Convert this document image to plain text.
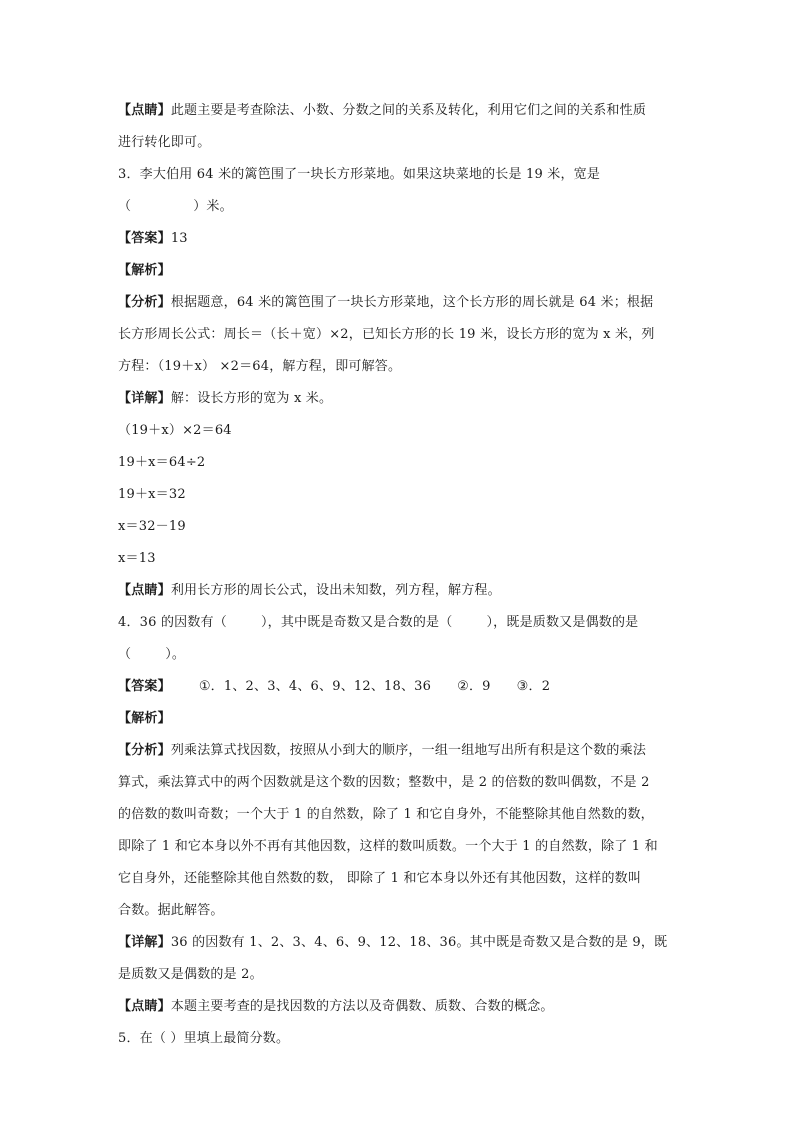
【点睛】此题主要是考查除法、小数、分数之间的关系及转化，利用它们之间的关系和性质
进行转化即可。
3．李大伯用 64 米的篱笆围了一块长方形菜地。如果这块菜地的长是 19 米，宽是
（	）米。
【答案】13
【解析】
【分析】根据题意，64 米的篱笆围了一块长方形菜地，这个长方形的周长就是 64 米；根据
长方形周长公式：周长＝（长＋宽）×2，已知长方形的长 19 米，设长方形的宽为 x 米，列
方程：（19＋x） ×2＝64，解方程，即可解答。
【详解】解：设长方形的宽为 x 米。
（19＋x）×2＝64
19＋x＝64÷2
19＋x＝32
x＝32－19
x＝13
【点睛】利用长方形的周长公式，设出未知数，列方程，解方程。
4．36 的因数有（	），其中既是奇数又是合数的是（	），既是质数又是偶数的是
（	）。
【答案】 ①．1、2、3、4、6、9、12、18、36 ②．9 ③．2
【解析】
【分析】列乘法算式找因数，按照从小到大的顺序，一组一组地写出所有积是这个数的乘法
算式，乘法算式中的两个因数就是这个数的因数；整数中，是 2 的倍数的数叫偶数，不是 2
的倍数的数叫奇数；一个大于 1 的自然数，除了 1 和它自身外，不能整除其他自然数的数，
即除了 1 和它本身以外不再有其他因数，这样的数叫质数。一个大于 1 的自然数，除了 1 和
它自身外，还能整除其他自然数的数， 即除了 1 和它本身以外还有其他因数，这样的数叫
合数。据此解答。
【详解】36 的因数有 1、2、3、4、6、9、12、18、36。其中既是奇数又是合数的是 9，既
是质数又是偶数的是 2。
【点睛】本题主要考查的是找因数的方法以及奇偶数、质数、合数的概念。
5．在（ ）里填上最简分数。
